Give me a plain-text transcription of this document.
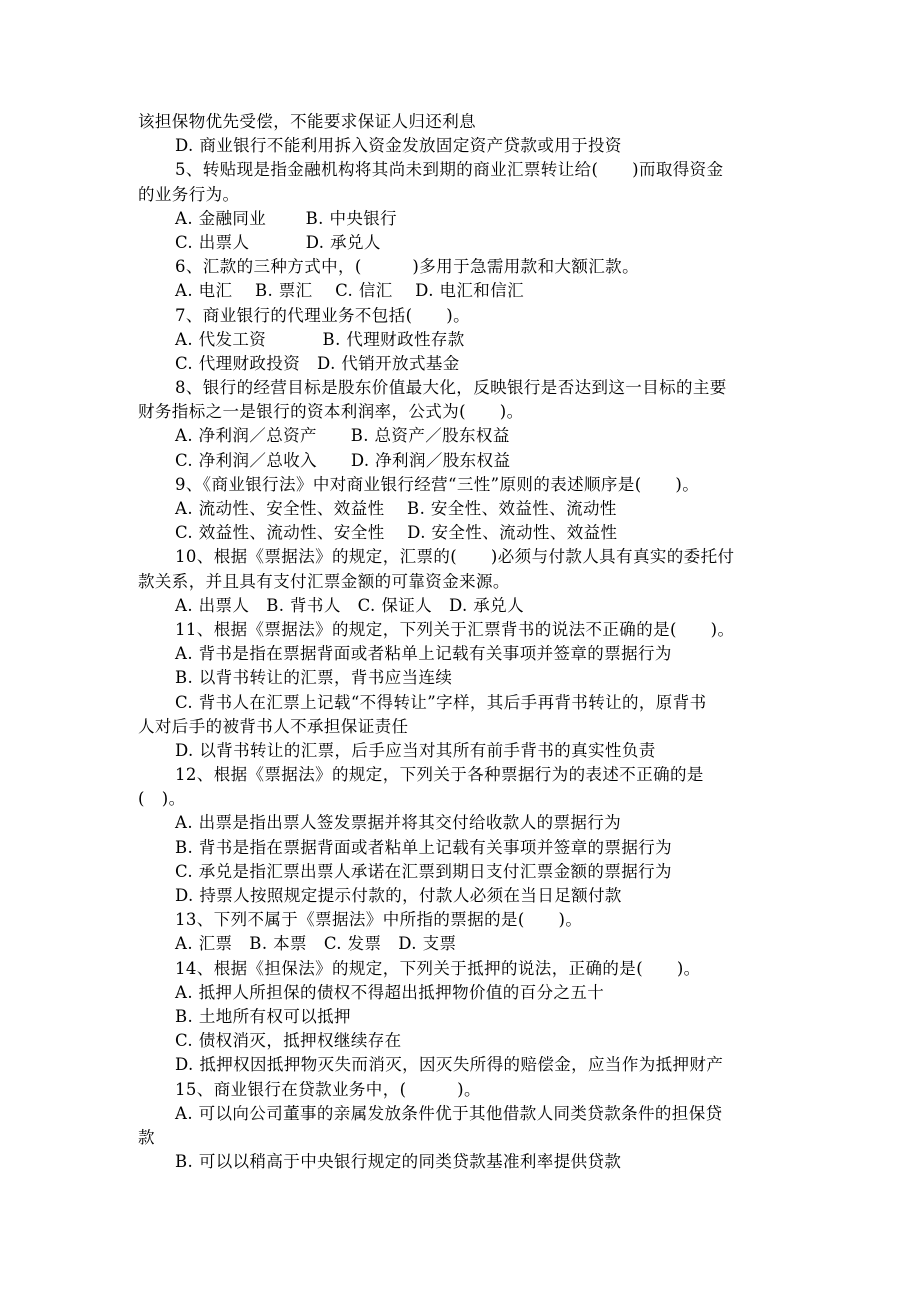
该担保物优先受偿，不能要求保证人归还利息
D. 商业银行不能利用拆入资金发放固定资产贷款或用于投资
5、转贴现是指金融机构将其尚未到期的商业汇票转让给(　　)而取得资金
的业务行为。
A. 金融同业　　 B. 中央银行
C. 出票人　　　 D. 承兑人
6、汇款的三种方式中，(　　　)多用于急需用款和大额汇款。
A. 电汇　 B. 票汇　 C. 信汇　 D. 电汇和信汇
7、商业银行的代理业务不包括(　　)。
A. 代发工资　　　 B. 代理财政性存款
C. 代理财政投资　D. 代销开放式基金
8、银行的经营目标是股东价值最大化，反映银行是否达到这一目标的主要
财务指标之一是银行的资本利润率，公式为(　　)。
A. 净利润／总资产　　B. 总资产／股东权益
C. 净利润／总收入　　D. 净利润／股东权益
9、《商业银行法》中对商业银行经营“三性”原则的表述顺序是(　　)。
A. 流动性、安全性、效益性　 B. 安全性、效益性、流动性
C. 效益性、流动性、安全性　 D. 安全性、流动性、效益性
10、根据《票据法》的规定，汇票的(　　)必须与付款人具有真实的委托付
款关系，并且具有支付汇票金额的可靠资金来源。
A. 出票人　B. 背书人　C. 保证人　D. 承兑人
11、根据《票据法》的规定，下列关于汇票背书的说法不正确的是(　　)。
A. 背书是指在票据背面或者粘单上记载有关事项并签章的票据行为
B. 以背书转让的汇票，背书应当连续
C. 背书人在汇票上记载“不得转让”字样，其后手再背书转让的，原背书
人对后手的被背书人不承担保证责任
D. 以背书转让的汇票，后手应当对其所有前手背书的真实性负责
12、根据《票据法》的规定，下列关于各种票据行为的表述不正确的是
(　)。
A. 出票是指出票人签发票据并将其交付给收款人的票据行为
B. 背书是指在票据背面或者粘单上记载有关事项并签章的票据行为
C. 承兑是指汇票出票人承诺在汇票到期日支付汇票金额的票据行为
D. 持票人按照规定提示付款的，付款人必须在当日足额付款
13、下列不属于《票据法》中所指的票据的是(　　)。
A. 汇票　B. 本票　C. 发票　D. 支票
14、根据《担保法》的规定，下列关于抵押的说法，正确的是(　　)。
A. 抵押人所担保的债权不得超出抵押物价值的百分之五十
B. 土地所有权可以抵押
C. 债权消灭，抵押权继续存在
D. 抵押权因抵押物灭失而消灭，因灭失所得的赔偿金，应当作为抵押财产
15、商业银行在贷款业务中，(　　　)。
A. 可以向公司董事的亲属发放条件优于其他借款人同类贷款条件的担保贷
款
B. 可以以稍高于中央银行规定的同类贷款基准利率提供贷款
